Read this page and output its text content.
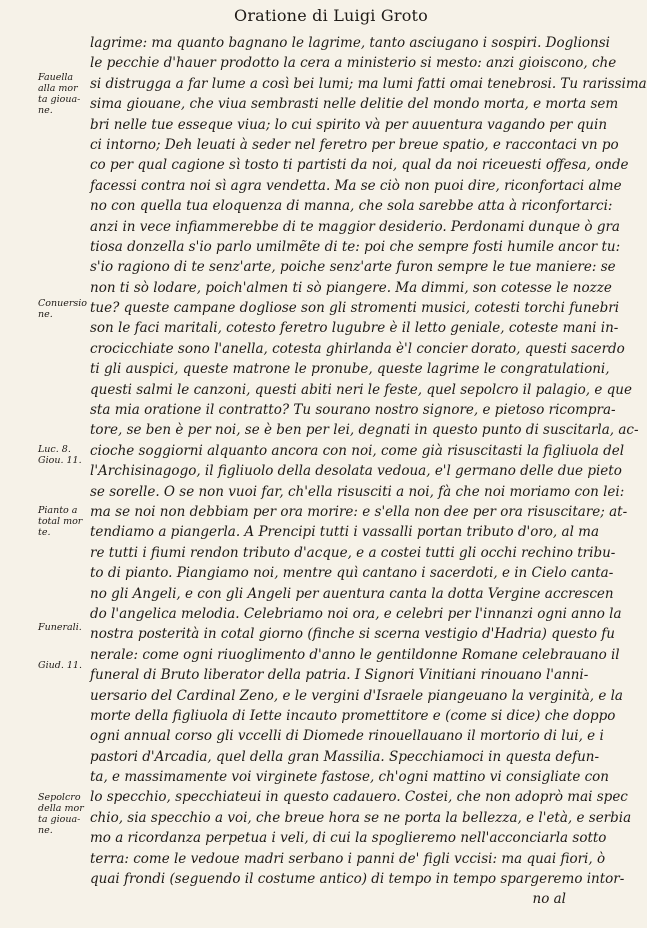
Oratione di Luigi Groto
lagrime: ma quanto bagnano le lagrime, tanto asciugano i sospiri. Doglionsi
le pecchie d'hauer prodotto la cera a ministerio si mesto: anzi gioiscono, che
si distrugga a far lume a così bei lumi; ma lumi fatti omai tenebrosi. Tu rarissima
sima giouane, che viua sembrasti nelle delitie del mondo morta, e morta sem
bri nelle tue esseque viua; lo cui spirito và per auuentura vagando per quin
ci intorno; Deh leuati à seder nel feretro per breue spatio, e raccontaci vn po
co per qual cagione sì tosto ti partisti da noi, qual da noi riceuesti offesa, onde
facessi contra noi sì agra vendetta. Ma se ciò non puoi dire, riconfortaci alme
no con quella tua eloquenza di manna, che sola sarebbe atta à riconfortarci:
anzi in vece infiammerebbe di te maggior desiderio. Perdonami dunque ò gra
tiosa donzella s'io parlo umilmẽte di te: poi che sempre fosti humile ancor tu:
s'io ragiono di te senz'arte, poiche senz'arte furon sempre le tue maniere: se
non ti sò lodare, poich'almen ti sò piangere. Ma dimmi, son cotesse le nozze
tue? queste campane dogliose son gli stromenti musici, cotesti torchi funebri
son le faci maritali, cotesto feretro lugubre è il letto geniale, coteste mani in-
crocicchiate sono l'anella, cotesta ghirlanda è'l concier dorato, questi sacerdo
ti gli auspici, queste matrone le pronube, queste lagrime le congratulationi,
questi salmi le canzoni, questi abiti neri le feste, quel sepolcro il palagio, e que
sta mia oratione il contratto? Tu sourano nostro signore, e pietoso ricompra-
tore, se ben è per noi, se è ben per lei, degnati in questo punto di suscitarla, ac-
cioche soggiorni alquanto ancora con noi, come già risuscitasti la figliuola del
l'Archisinagogo, il figliuolo della desolata vedoua, e'l germano delle due pieto
se sorelle. O se non vuoi far, ch'ella risusciti a noi, fà che noi moriamo con lei:
ma se noi non debbiam per ora morire: e s'ella non dee per ora risuscitare; at-
tendiamo a piangerla. A Prencipi tutti i vassalli portan tributo d'oro, al ma
re tutti i fiumi rendon tributo d'acque, e a costei tutti gli occhi rechino tribu-
to di pianto. Piangiamo noi, mentre quì cantano i sacerdoti, e in Cielo canta-
no gli Angeli, e con gli Angeli per auentura canta la dotta Vergine accrescen
do l'angelica melodia. Celebriamo noi ora, e celebri per l'innanzi ogni anno la
nostra posterità in cotal giorno (finche si scerna vestigio d'Hadria) questo fu
nerale: come ogni riuoglimento d'anno le gentildonne Romane celebrauano il
funeral di Bruto liberator della patria. I Signori Vinitiani rinouano l'anni-
uersario del Cardinal Zeno, e le vergini d'Israele piangeuano la verginità, e la
morte della figliuola di Iette incauto promettitore e (come si dice) che doppo
ogni annual corso gli vccelli di Diomede rinouellauano il mortorio di lui, e i
pastori d'Arcadia, quel della gran Massilia. Specchiamoci in questa defun-
ta, e massimamente voi virginete fastose, ch'ogni mattino vi consigliate con
lo specchio, specchiateui in questo cadauero. Costei, che non adoprò mai spec
chio, sia specchio a voi, che breue hora se ne porta la bellezza, e l'età, e serbia
mo a ricordanza perpetua i veli, di cui la spoglieremo nell'acconciarla sotto
terra: come le vedoue madri serbano i panni de' figli vccisi: ma quai fiori, ò
quai frondi (seguendo il costume antico) di tempo in tempo spargeremo intor-
no al
Fauella
alla mor
ta gioua-
ne.
Conuersio
ne.
Luc. 8.
Giou. 11.
Pianto a
total mor
te.
Funerali.
Giud. 11.
Sepolcro
della mor
ta gioua-
ne.
